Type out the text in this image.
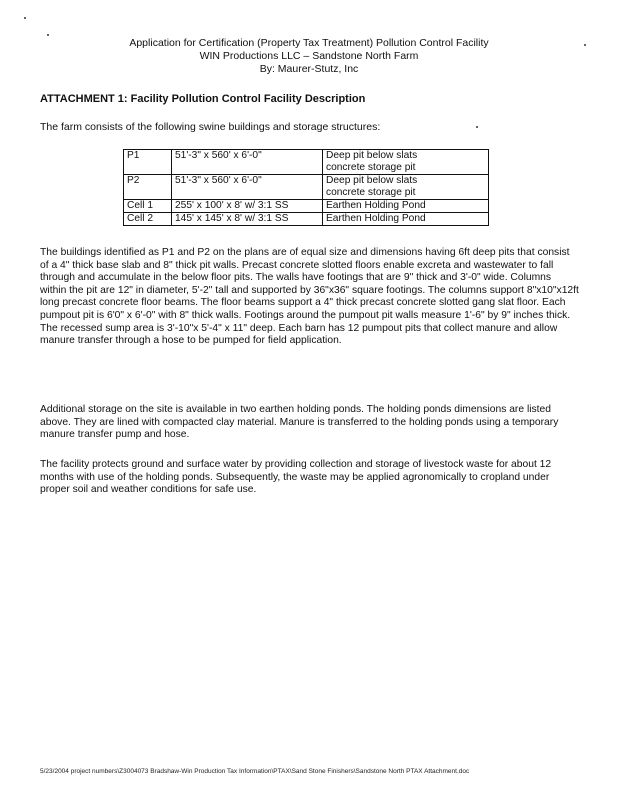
Application for Certification (Property Tax Treatment) Pollution Control Facility
WIN Productions LLC – Sandstone North Farm
By: Maurer-Stutz, Inc
ATTACHMENT 1: Facility Pollution Control Facility Description
The farm consists of the following swine buildings and storage structures:
P1	51'-3" x 560' x 6'-0"	Deep pit below slats
concrete storage pit

P2	51'-3" x 560' x 6'-0"	Deep pit below slats
concrete storage pit

Cell 1	255' x 100' x 8' w/ 3:1 SS	Earthen Holding Pond
Cell 2	145' x 145' x 8' w/ 3:1 SS	Earthen Holding Pond

The buildings identified as P1 and P2 on the plans are of equal size and dimensions having 6ft deep pits that consist of a 4" thick base slab and 8" thick pit walls. Precast concrete slotted floors enable excreta and wastewater to fall through and accumulate in the below floor pits. The walls have footings that are 9" thick and 3'-0" wide. Columns within the pit are 12" in diameter, 5'-2" tall and supported by 36"x36" square footings. The columns support 8"x10"x12ft long precast concrete floor beams. The floor beams support a 4" thick precast concrete slotted gang slat floor. Each pumpout pit is 6'0" x 6'-0" with 8" thick walls. Footings around the pumpout pit walls measure 1'-6" by 9" inches thick. The recessed sump area is 3'-10"x 5'-4" x 11" deep. Each barn has 12 pumpout pits that collect manure and allow manure transfer through a hose to be pumped for field application.

Additional storage on the site is available in two earthen holding ponds. The holding ponds dimensions are listed above. They are lined with compacted clay material. Manure is transferred to the holding ponds using a temporary manure transfer pump and hose.

The facility protects ground and surface water by providing collection and storage of livestock waste for about 12 months with use of the holding ponds. Subsequently, the waste may be applied agronomically to cropland under proper soil and weather conditions for safe use.

5/23/2004 project numbers\Z3004073 Bradshaw-Win Production Tax Information\PTAX\Sand Stone Finishers\Sandstone North PTAX Attachment.doc
